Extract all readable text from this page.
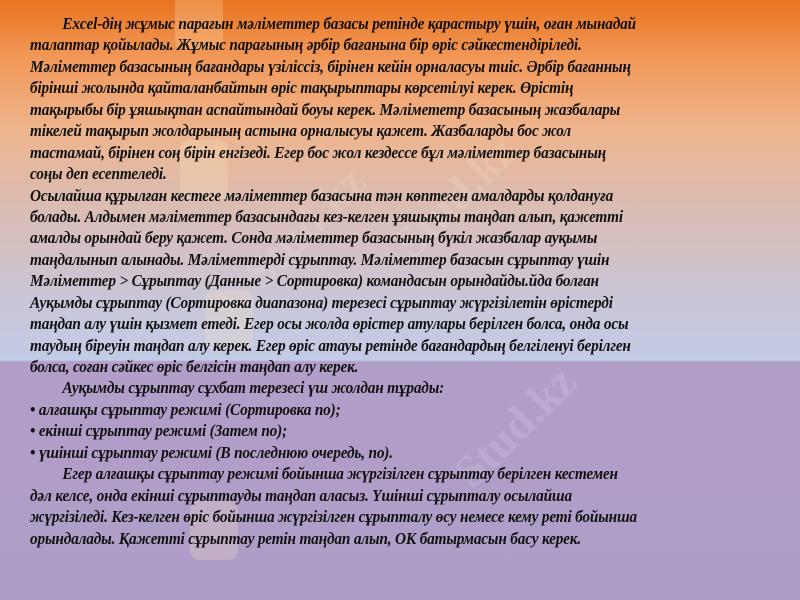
Stud.kz
Stud.kz
Stud.kz
Excel-дің жұмыс парағын мәліметтер базасы ретінде қарастыру үшін, оған мынадай
талаптар қойылады. Жұмыс парағының әрбір бағанына бір өріс сәйкестендіріледі.
Мәліметтер базасының бағандары үзіліссіз, бірінен кейін орналасуы тиіс. Әрбір бағанның
бірінші жолында қайталанбайтын өріс тақырыптары көрсетілуі керек. Өрістің
тақырыбы бір ұяшықтан аспайтындай боуы керек. Мәлімететр базасының жазбалары
тікелей тақырып жолдарының астына орналысуы қажет. Жазбаларды бос жол
тастамай, бірінен соң бірін енгізеді. Егер бос жол кездессе бұл мәліметтер базасының
соңы деп есептеледі.
Осылайша құрылған кестеге мәліметтер базасына тән көптеген амалдарды қолдануға
болады. Алдымен мәліметтер базасындағы кез-келген ұяшықты таңдап алып, қажетті
амалды орындай беру қажет. Сонда мәліметтер базасының бүкіл жазбалар ауқымы
таңдалынып алынады. Мәліметтерді сұрыптау. Мәліметтер базасын сұрыптау үшін
Мәліметтер > Сұрыптау (Данные > Сортировка) командасын орындайды.йда болған
Ауқымды сұрыптау (Сортировка диапазона) терезесі сұрыптау жүргізілетін өрістерді
таңдап алу үшін қызмет етеді. Егер осы жолда өрістер атулары берілген болса, онда осы
таудың біреуін таңдап алу керек. Егер өріс атауы ретінде бағандардың белгіленуі берілген
болса, соған сәйкес өріс белгісін таңдап алу керек.
Ауқымды сұрыптау сұхбат терезесі үш жолдан тұрады:
• алғашқы сұрыптау режимі (Сортировка по);
• екінші сұрыптау режимі (Затем по);
• үшінші сұрыптау режимі (В последнюю очередь, по).
Егер алғашқы сұрыптау режимі бойынша жүргізілген сұрыптау берілген кестемен
дәл келсе, онда екінші сұрыптауды таңдап аласыз. Үшінші сұрыпталу осылайша
жүргізіледі. Кез-келген өріс бойынша жүргізілген сұрыпталу өсу немесе кему реті бойынша
орындалады. Қажетті сұрыптау ретін таңдап алып, ОК батырмасын басу керек.
